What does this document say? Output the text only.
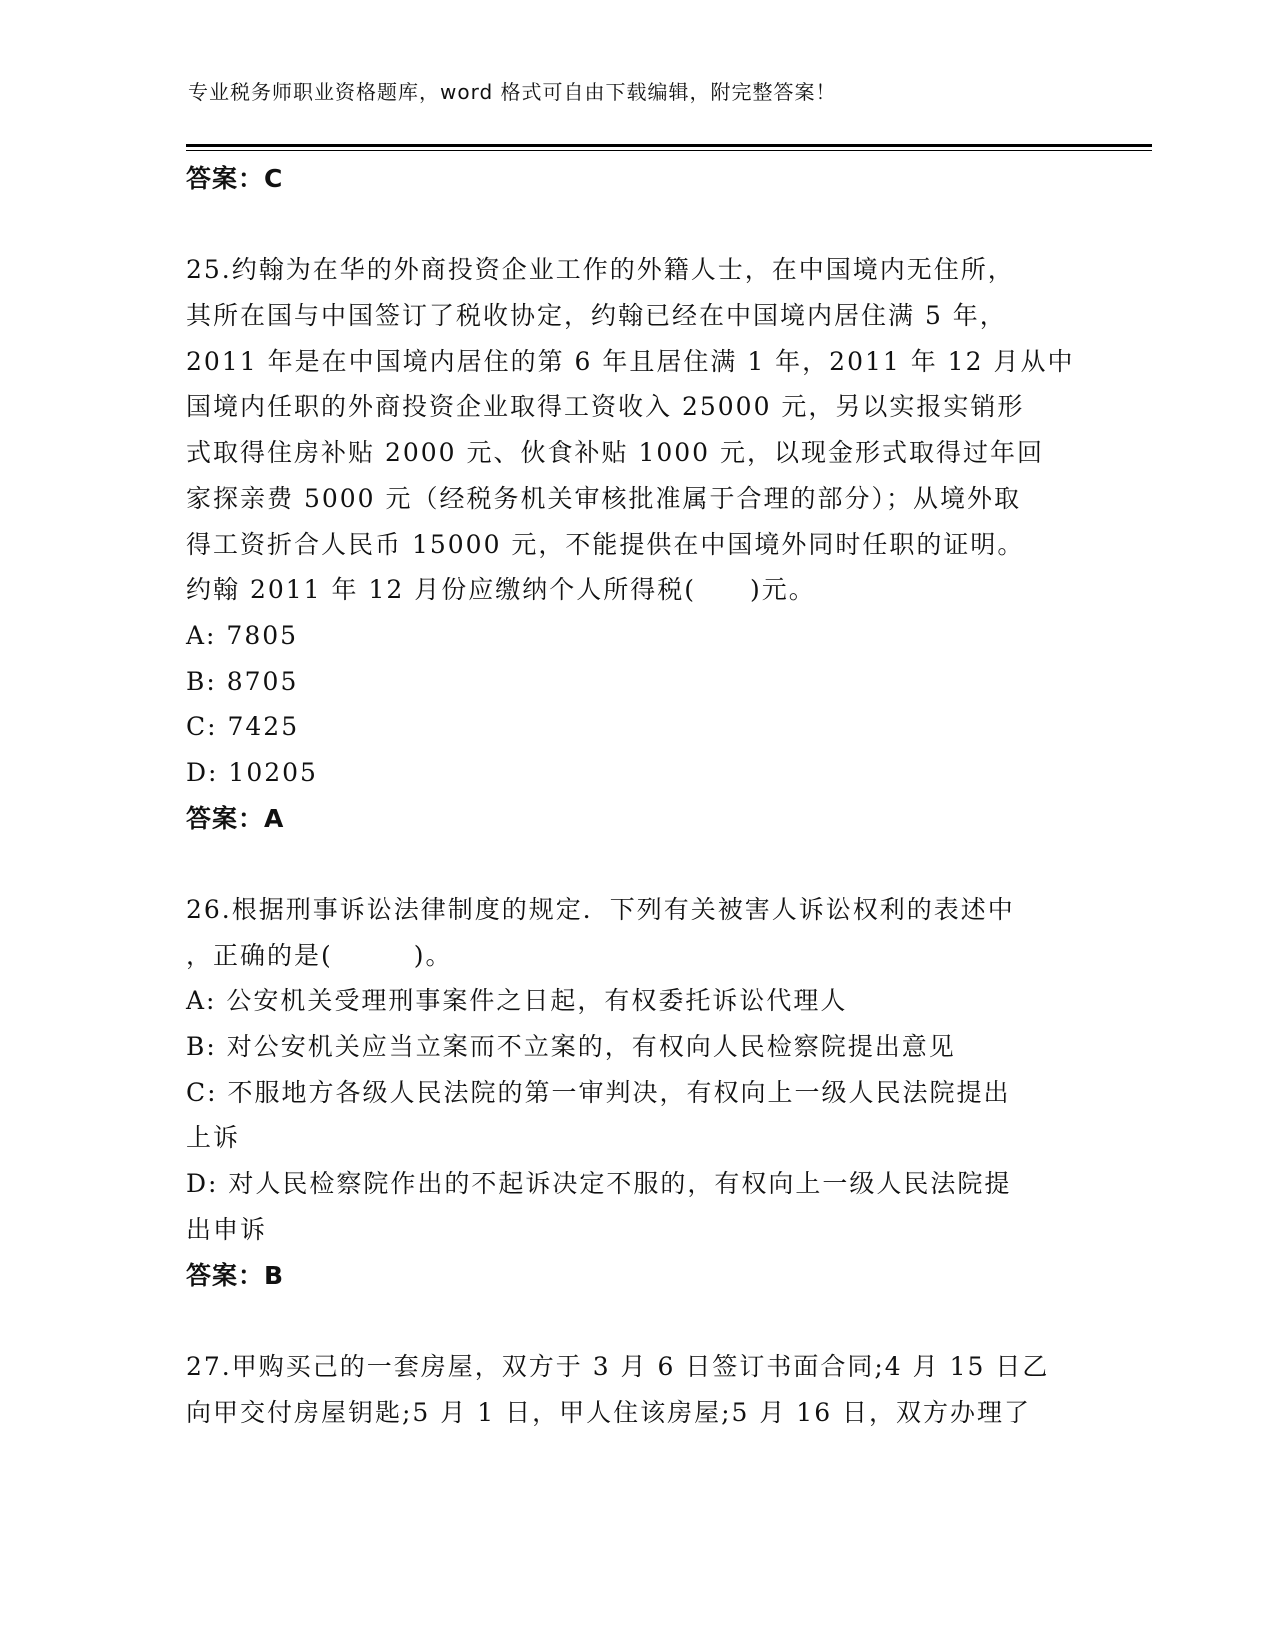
专业税务师职业资格题库，word 格式可自由下载编辑，附完整答案！
答案：C
25.约翰为在华的外商投资企业工作的外籍人士，在中国境内无住所，
其所在国与中国签订了税收协定，约翰已经在中国境内居住满 5 年，
2011 年是在中国境内居住的第 6 年且居住满 1 年，2011 年 12 月从中
国境内任职的外商投资企业取得工资收入 25000 元，另以实报实销形
式取得住房补贴 2000 元、伙食补贴 1000 元，以现金形式取得过年回
家探亲费 5000 元（经税务机关审核批准属于合理的部分）；从境外取
得工资折合人民币 15000 元，不能提供在中国境外同时任职的证明。
约翰 2011 年 12 月份应缴纳个人所得税(　　)元。
A: 7805
B: 8705
C: 7425
D: 10205
答案：A
26.根据刑事诉讼法律制度的规定．下列有关被害人诉讼权利的表述中
，正确的是(　　　)。
A: 公安机关受理刑事案件之日起，有权委托诉讼代理人
B: 对公安机关应当立案而不立案的，有权向人民检察院提出意见
C: 不服地方各级人民法院的第一审判决，有权向上一级人民法院提出
上诉
D: 对人民检察院作出的不起诉决定不服的，有权向上一级人民法院提
出申诉
答案：B
27.甲购买己的一套房屋，双方于 3 月 6 日签订书面合同;4 月 15 日乙
向甲交付房屋钥匙;5 月 1 日，甲人住该房屋;5 月 16 日，双方办理了
